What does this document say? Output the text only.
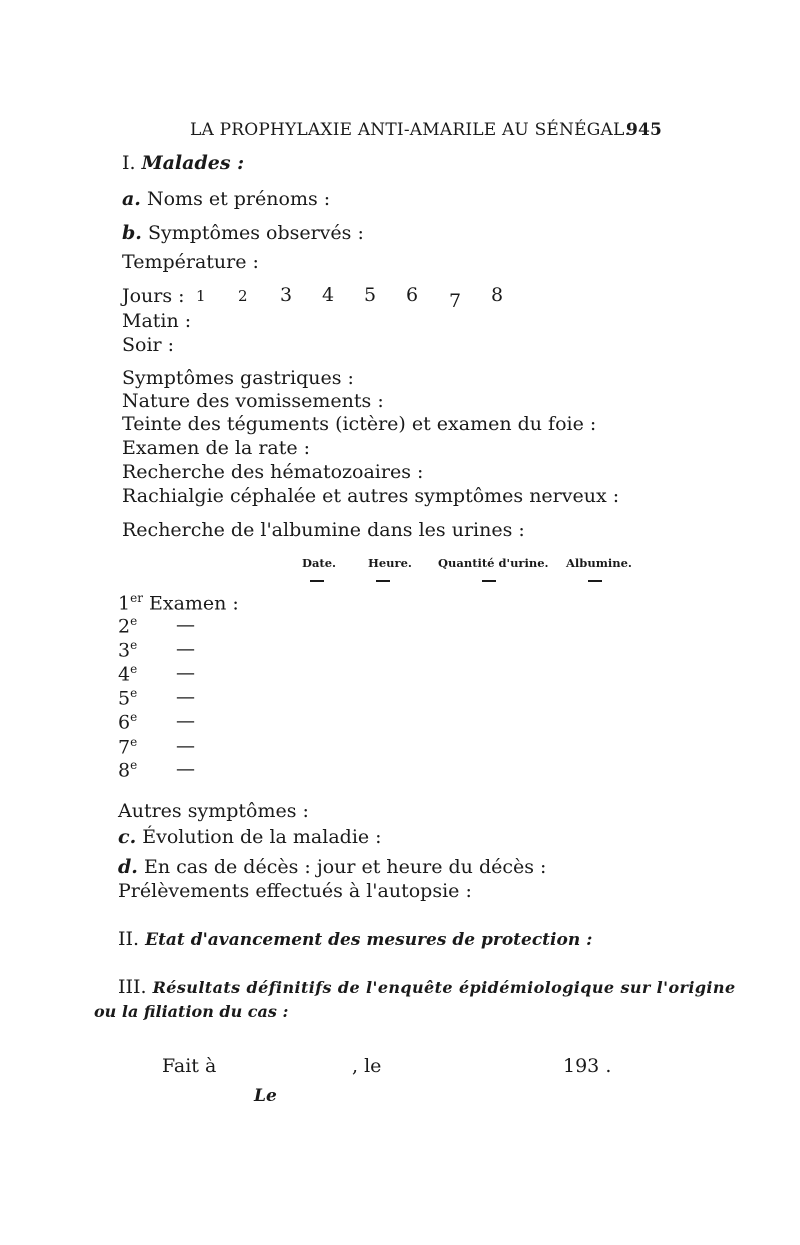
LA PROPHYLAXIE ANTI-AMARILE AU SÉNÉGAL.
945
I. Malades :
a. Noms et prénoms :
b. Symptômes observés :
Température :
Jours : 1 2 3 4 5 6 7 8
Matin :
Soir :
Symptômes gastriques :
Nature des vomissements :
Teinte des téguments (ictère) et examen du foie :
Examen de la rate :
Recherche des hématozoaires :
Rachialgie céphalée et autres symptômes nerveux :
Recherche de l'albumine dans les urines :
Date.	Heure. Quantité d'urine. Albumine.
1er Examen :
2e —
3e —
4e —
5e —
6e —
7e —
8e —
Autres symptômes :
c. Évolution de la maladie :
d. En cas de décès : jour et heure du décès :
Prélèvements effectués à l'autopsie :
II. Etat d'avancement des mesures de protection :
III. Résultats définitifs de l'enquête épidémiologique sur l'origine
ou la filiation du cas :
Fait à	, le	193 .
Le
